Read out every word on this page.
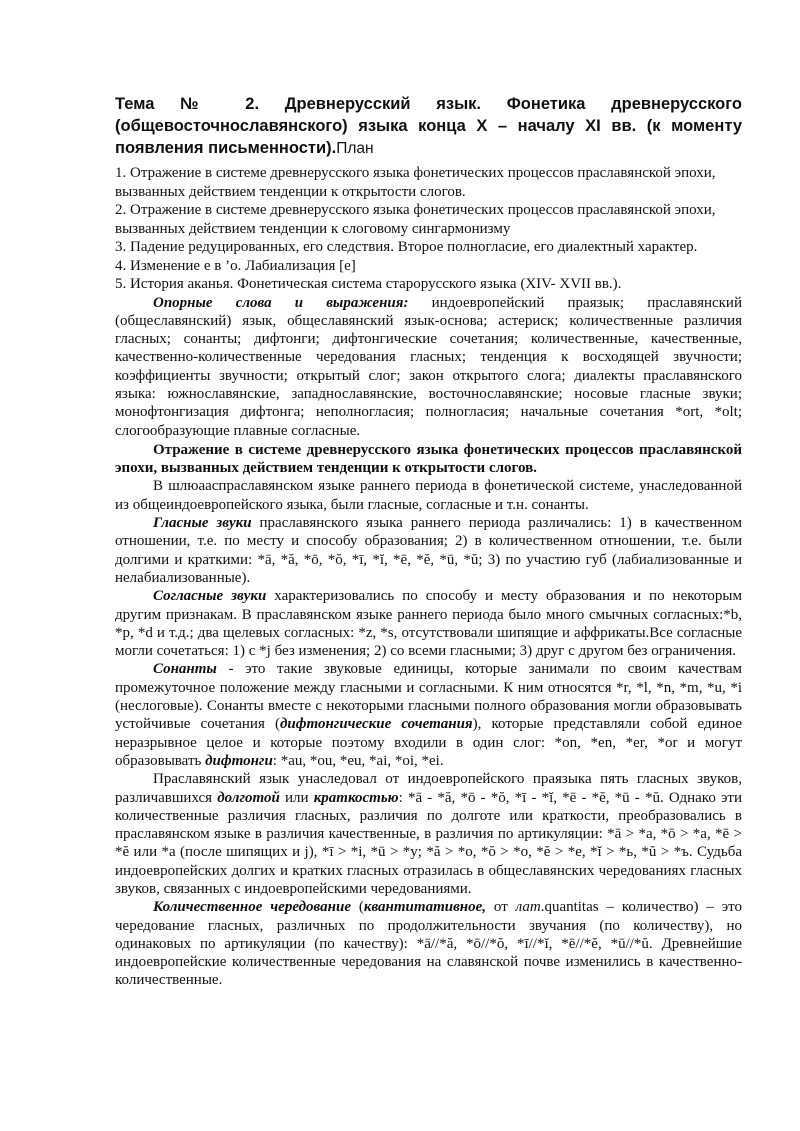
Тема № 2. Древнерусский язык. Фонетика древнерусского (общевосточнославянского) языка конца X – началу XI вв. (к моменту появления письменности).План

1. Отражение в системе древнерусского языка фонетических процессов праславянской эпохи, вызванных действием тенденции к открытости слогов.

2. Отражение в системе древнерусского языка фонетических процессов праславянской эпохи, вызванных действием тенденции к слоговому сингармонизму

3. Падение редуцированных, его следствия. Второе полногласие, его диалектный характер.

4. Изменение е в ’о. Лабиализация [е]

5. История аканья. Фонетическая система старорусского языка (XIV- XVII вв.).

Опорные слова и выражения: индоевропейский праязык; праславянский (общеславянский) язык, общеславянский язык-основа; астериск; количественные различия гласных; сонанты; дифтонги; дифтонгические сочетания; количественные, качественные, качественно-количественные чередования гласных; тенденция к восходящей звучности; коэффициенты звучности; открытый слог; закон открытого слога; диалекты праславянского языка: южнославянские, западнославянские, восточнославянские; носовые гласные звуки; монофтонгизация дифтонга; неполногласия; полногласия; начальные сочетания *ort, *olt; слогообразующие плавные согласные.

Отражение в системе древнерусского языка фонетических процессов праславянской эпохи, вызванных действием тенденции к открытости слогов.

В шлюааспраславянском языке раннего периода в фонетической системе, унаследованной из общеиндоевропейского языка, были гласные, согласные и т.н. сонанты.

Гласные звуки праславянского языка раннего периода различались: 1) в качественном отношении, т.е. по месту и способу образования; 2) в количественном отношении, т.е. были долгими и краткими: *ā, *ă, *ō, *ŏ, *ī, *ĭ, *ē, *ĕ, *ū, *ŭ; 3) по участию губ (лабиализованные и нелабиализованные).

Согласные звуки характеризовались по способу и месту образования и по некоторым другим признакам. В праславянском языке раннего периода было много смычных согласных:*b, *p, *d и т.д.; два щелевых согласных: *z, *s, отсутствовали шипящие и аффрикаты.Все согласные могли сочетаться: 1) с *j без изменения; 2) со всеми гласными; 3) друг с другом без ограничения.

Сонанты - это такие звуковые единицы, которые занимали по своим качествам промежуточное положение между гласными и согласными. К ним относятся *r, *l, *n, *m, *u, *i (неслоговые). Сонанты вместе с некоторыми гласными полного образования могли образовывать устойчивые сочетания (дифтонгические сочетания), которые представляли собой единое неразрывное целое и которые поэтому входили в один слог: *on, *en, *er, *or и могут образовывать дифтонги: *au, *ou, *eu, *ai, *oi, *ei.

Праславянский язык унаследовал от индоевропейского праязыка пять гласных звуков, различавшихся долготой или краткостью: *ā - *ă, *ō - *ŏ, *ī - *ĭ, *ē - *ĕ, *ū - *ŭ. Однако эти количественные различия гласных, различия по долготе или краткости, преобразовались в праславянском языке в различия качественные, в различия по артикуляции: *ā > *a, *ō > *a, *ē > *ĕ или *a (после шипящих и j), *ī > *i, *ū > *y; *ă > *o, *ŏ > *o, *ĕ > *e, *ĭ > *ь, *ŭ > *ъ. Судьба индоевропейских долгих и кратких гласных отразилась в общеславянских чередованиях гласных звуков, связанных с индоевропейскими чередованиями.

Количественное чередование (квантитативное, от лат.quantitas – количество) – это чередование гласных, различных по продолжительности звучания (по количеству), но одинаковых по артикуляции (по качеству): *ā//*ă, *ō//*ŏ, *ī//*ĭ, *ē//*ĕ, *ū//*ŭ. Древнейшие индоевропейские количественные чередования на славянской почве изменились в качественно-количественные.
